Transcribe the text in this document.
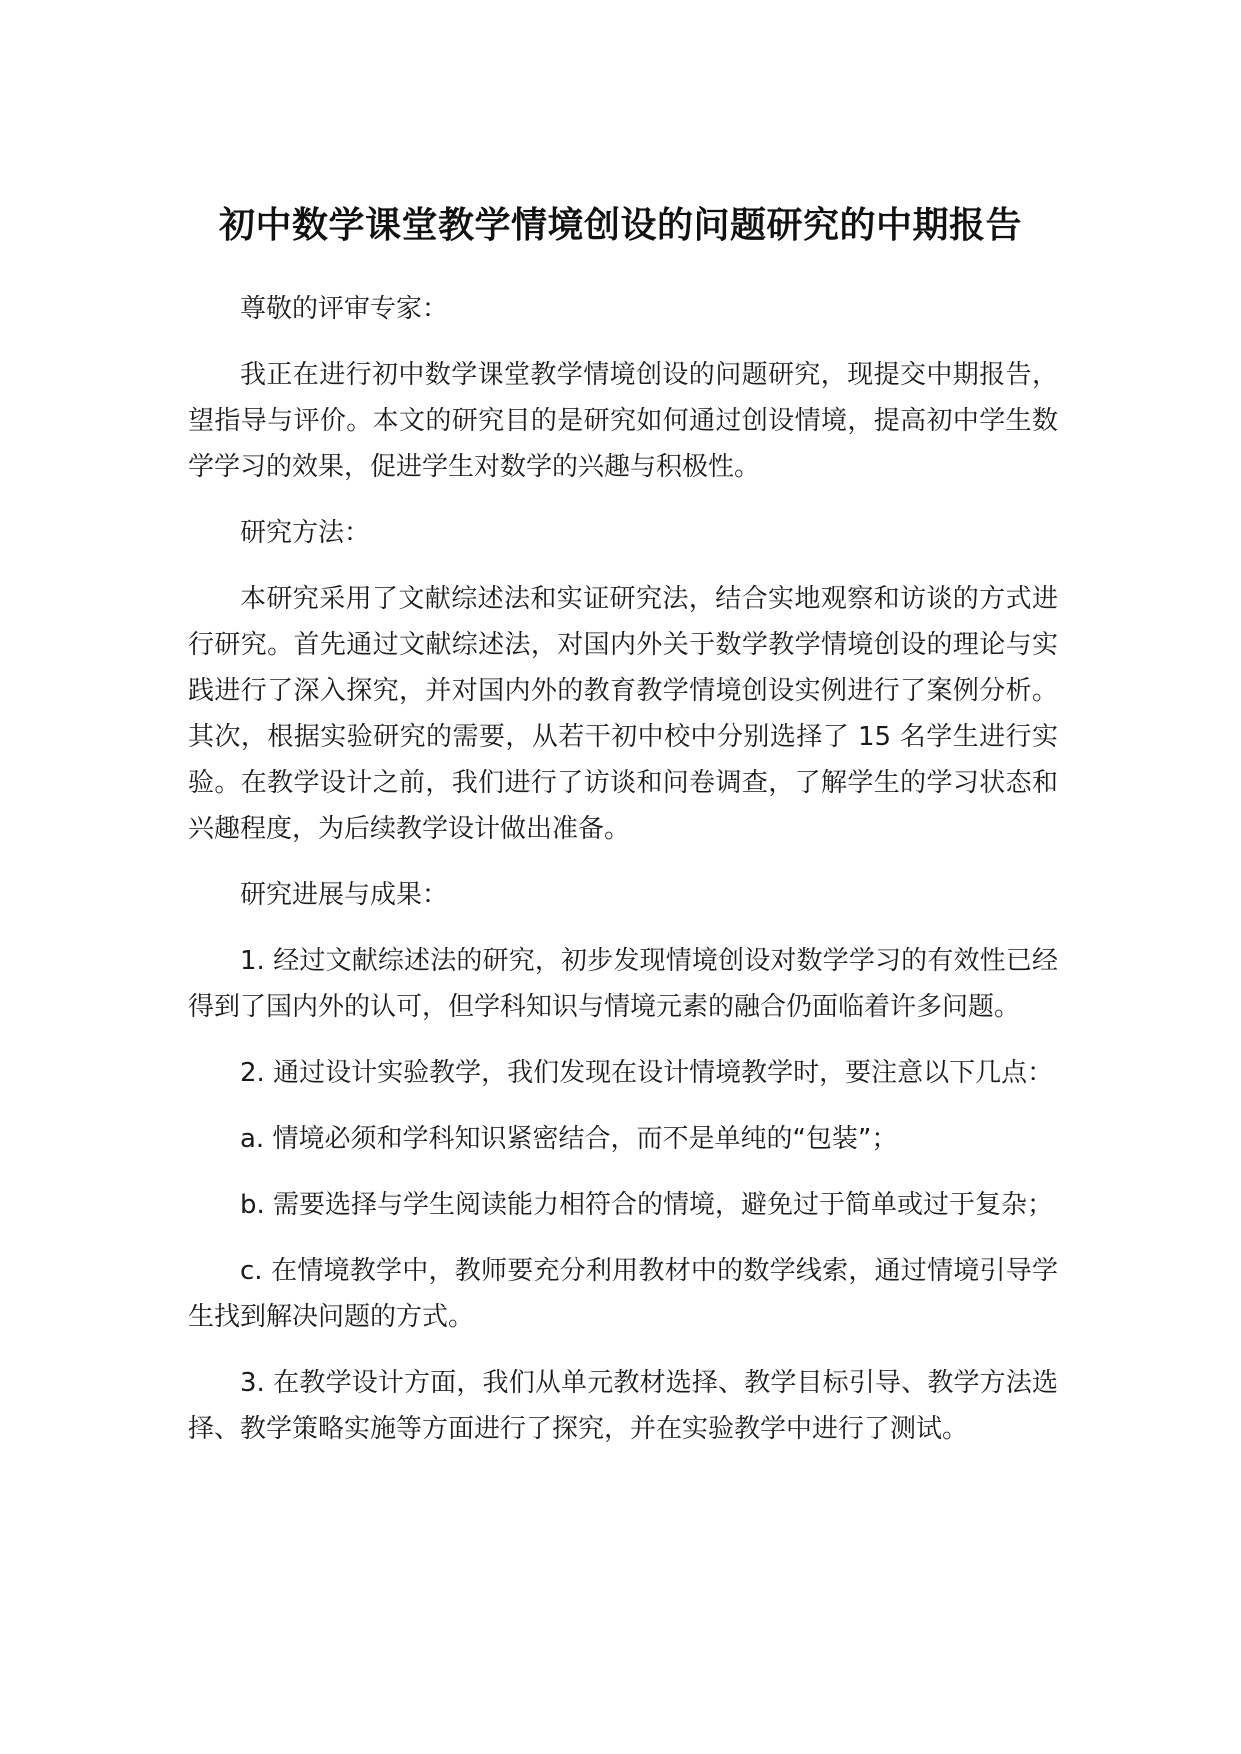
初中数学课堂教学情境创设的问题研究的中期报告

尊敬的评审专家：

我正在进行初中数学课堂教学情境创设的问题研究，现提交中期报告，望指导与评价。本文的研究目的是研究如何通过创设情境，提高初中学生数学学习的效果，促进学生对数学的兴趣与积极性。

研究方法：

本研究采用了文献综述法和实证研究法，结合实地观察和访谈的方式进行研究。首先通过文献综述法，对国内外关于数学教学情境创设的理论与实践进行了深入探究，并对国内外的教育教学情境创设实例进行了案例分析。其次，根据实验研究的需要，从若干初中校中分别选择了 15 名学生进行实验。在教学设计之前，我们进行了访谈和问卷调查，了解学生的学习状态和兴趣程度，为后续教学设计做出准备。

研究进展与成果：

1. 经过文献综述法的研究，初步发现情境创设对数学学习的有效性已经得到了国内外的认可，但学科知识与情境元素的融合仍面临着许多问题。

2. 通过设计实验教学，我们发现在设计情境教学时，要注意以下几点：

a. 情境必须和学科知识紧密结合，而不是单纯的“包装”；

b. 需要选择与学生阅读能力相符合的情境，避免过于简单或过于复杂；

c. 在情境教学中，教师要充分利用教材中的数学线索，通过情境引导学生找到解决问题的方式。

3. 在教学设计方面，我们从单元教材选择、教学目标引导、教学方法选择、教学策略实施等方面进行了探究，并在实验教学中进行了测试。
